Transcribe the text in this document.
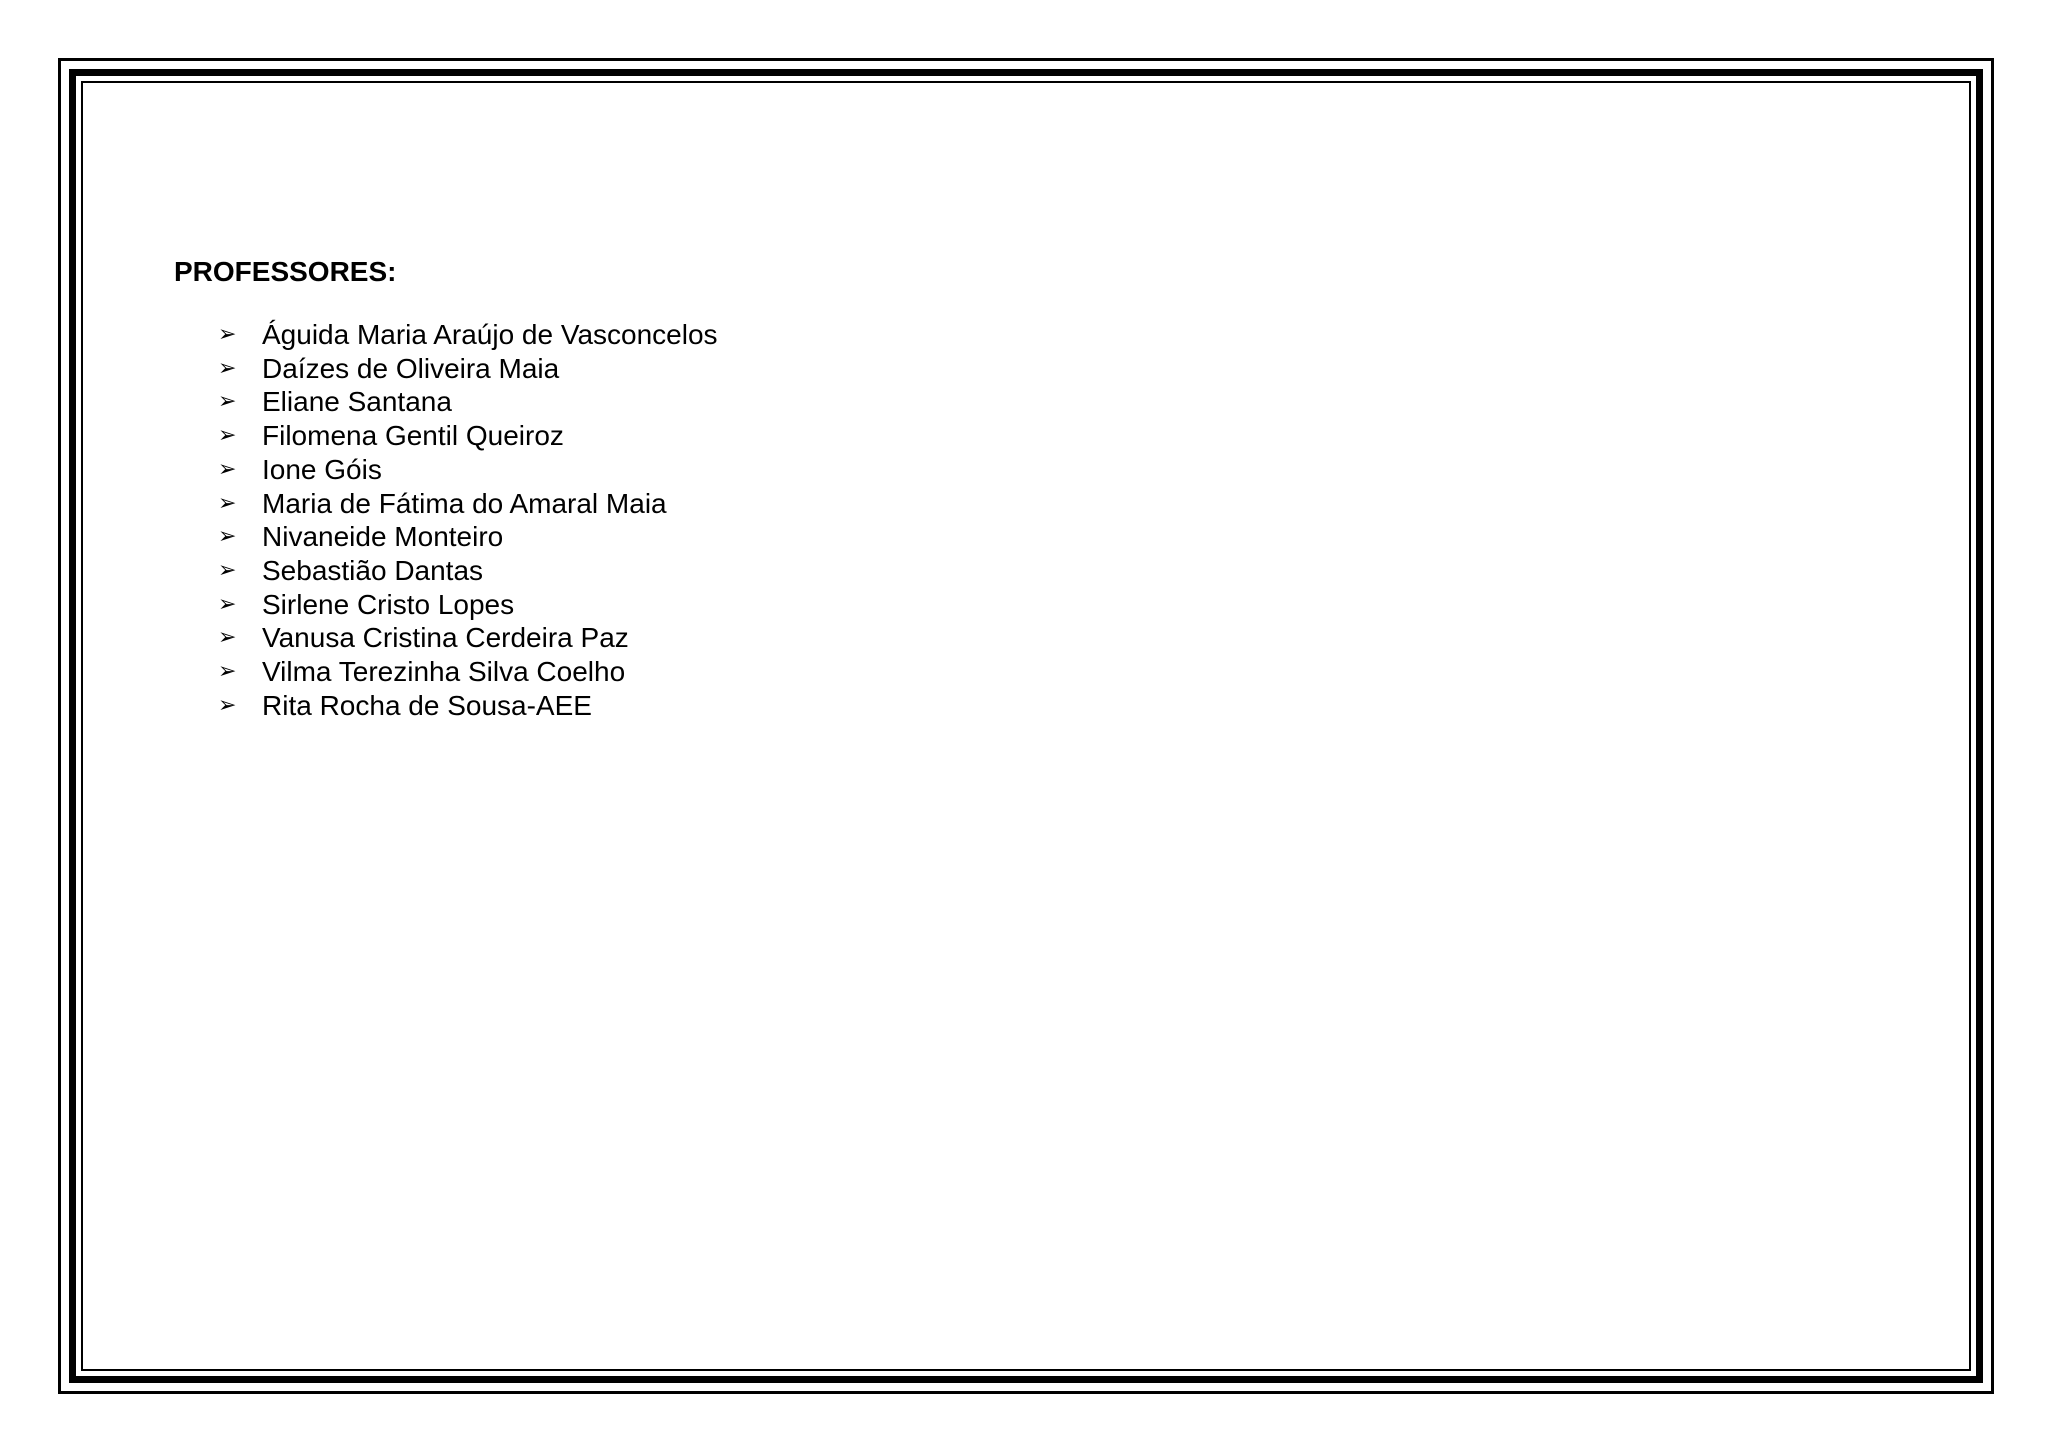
PROFESSORES:
➢ Águida Maria Araújo de Vasconcelos
➢ Daízes de Oliveira Maia
➢ Eliane Santana
➢ Filomena Gentil Queiroz
➢ Ione Góis
➢ Maria de Fátima do Amaral Maia
➢ Nivaneide Monteiro
➢ Sebastião Dantas
➢ Sirlene Cristo Lopes
➢ Vanusa Cristina Cerdeira Paz
➢ Vilma Terezinha Silva Coelho
➢ Rita Rocha de Sousa-AEE
